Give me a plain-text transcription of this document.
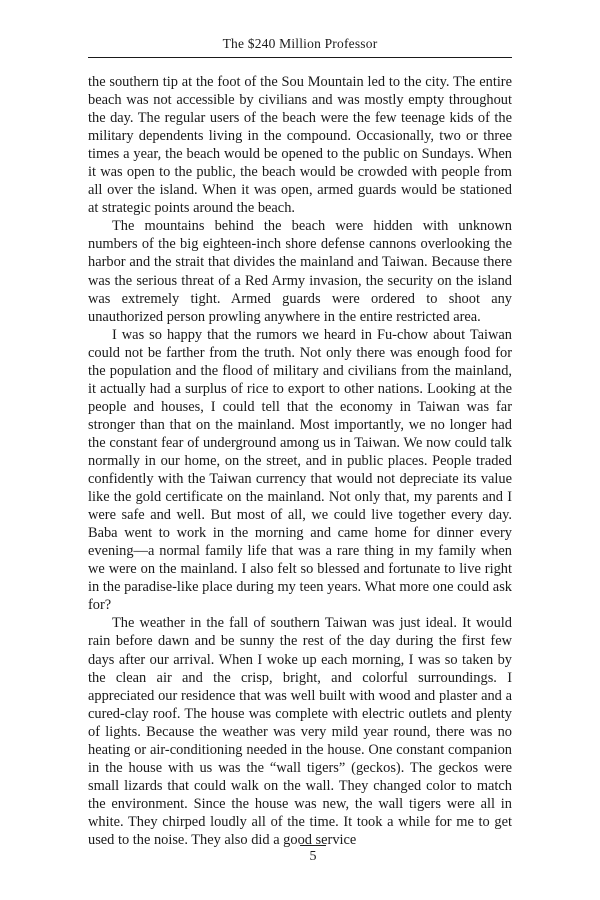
The $240 Million Professor

the southern tip at the foot of the Sou Mountain led to the city. The entire beach was not accessible by civilians and was mostly empty throughout the day. The regular users of the beach were the few teenage kids of the military dependents living in the compound. Occasionally, two or three times a year, the beach would be opened to the public on Sundays. When it was open to the public, the beach would be crowded with people from all over the island. When it was open, armed guards would be stationed at strategic points around the beach.

The mountains behind the beach were hidden with unknown numbers of the big eighteen-inch shore defense cannons overlooking the harbor and the strait that divides the mainland and Taiwan. Because there was the serious threat of a Red Army invasion, the security on the island was extremely tight. Armed guards were ordered to shoot any unauthorized person prowling anywhere in the entire restricted area.

I was so happy that the rumors we heard in Fu-chow about Taiwan could not be farther from the truth. Not only there was enough food for the population and the flood of military and civilians from the mainland, it actually had a surplus of rice to export to other nations. Looking at the people and houses, I could tell that the economy in Taiwan was far stronger than that on the mainland. Most importantly, we no longer had the constant fear of underground among us in Taiwan. We now could talk normally in our home, on the street, and in public places. People traded confidently with the Taiwan currency that would not depreciate its value like the gold certificate on the mainland. Not only that, my parents and I were safe and well. But most of all, we could live together every day. Baba went to work in the morning and came home for dinner every evening—a normal family life that was a rare thing in my family when we were on the mainland. I also felt so blessed and fortunate to live right in the paradise-like place during my teen years. What more one could ask for?

The weather in the fall of southern Taiwan was just ideal. It would rain before dawn and be sunny the rest of the day during the first few days after our arrival. When I woke up each morning, I was so taken by the clean air and the crisp, bright, and colorful surroundings. I appreciated our residence that was well built with wood and plaster and a cured-clay roof. The house was complete with electric outlets and plenty of lights. Because the weather was very mild year round, there was no heating or air-conditioning needed in the house. One constant companion in the house with us was the “wall tigers” (geckos). The geckos were small lizards that could walk on the wall. They changed color to match the environment. Since the house was new, the wall tigers were all in white. They chirped loudly all of the time. It took a while for me to get used to the noise. They also did a good service

5
